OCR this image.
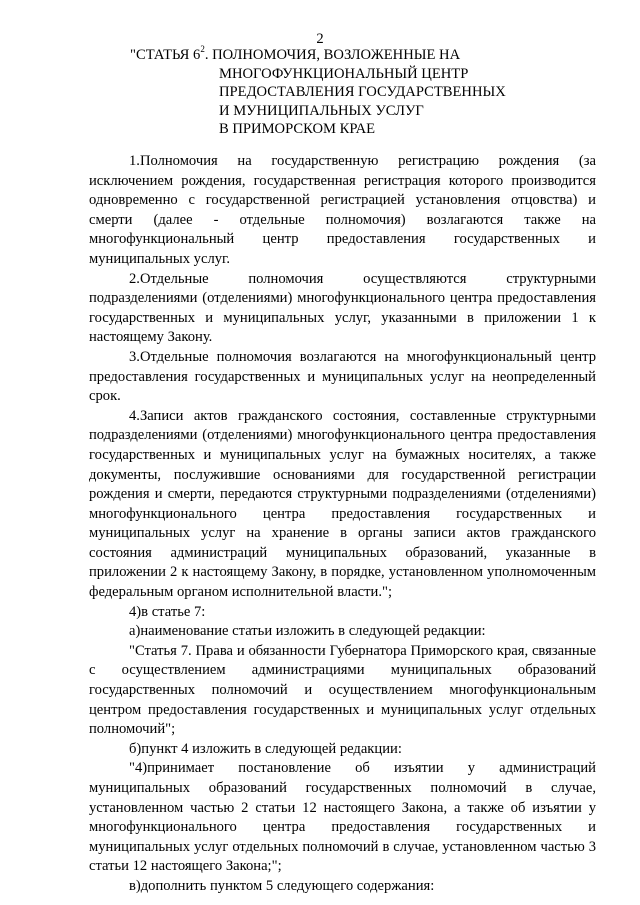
2
"СТАТЬЯ $6^2$. ПОЛНОМОЧИЯ, ВОЗЛОЖЕННЫЕ НА
МНОГОФУНКЦИОНАЛЬНЫЙ ЦЕНТР
ПРЕДОСТАВЛЕНИЯ ГОСУДАРСТВЕННЫХ
И МУНИЦИПАЛЬНЫХ УСЛУГ
В ПРИМОРСКОМ КРАЕ

1.Полномочия на государственную регистрацию рождения (за исключением рождения, государственная регистрация которого производится одновременно с государственной регистрацией установления отцовства) и смерти (далее - отдельные полномочия) возлагаются также на многофункциональный центр предоставления государственных и муниципальных услуг.

2.Отдельные полномочия осуществляются структурными подразделениями (отделениями) многофункционального центра предоставления государственных и муниципальных услуг, указанными в приложении 1 к настоящему Закону.

3.Отдельные полномочия возлагаются на многофункциональный центр предоставления государственных и муниципальных услуг на неопределенный срок.

4.Записи актов гражданского состояния, составленные структурными подразделениями (отделениями) многофункционального центра предоставления государственных и муниципальных услуг на бумажных носителях, а также документы, послужившие основаниями для государственной регистрации рождения и смерти, передаются структурными подразделениями (отделениями) многофункционального центра предоставления государственных и муниципальных услуг на хранение в органы записи актов гражданского состояния администраций муниципальных образований, указанные в приложении 2 к настоящему Закону, в порядке, установленном уполномоченным федеральным органом исполнительной власти.";

4)в статье 7:

а)наименование статьи изложить в следующей редакции:

"Статья 7. Права и обязанности Губернатора Приморского края, связанные с осуществлением администрациями муниципальных образований государственных полномочий и осуществлением многофункциональным центром предоставления государственных и муниципальных услуг отдельных полномочий";

б)пункт 4 изложить в следующей редакции:

"4)принимает постановление об изъятии у администраций муниципальных образований государственных полномочий в случае, установленном частью 2 статьи 12 настоящего Закона, а также об изъятии у многофункционального центра предоставления государственных и муниципальных услуг отдельных полномочий в случае, установленном частью 3 статьи 12 настоящего Закона;";

в)дополнить пунктом 5 следующего содержания:
